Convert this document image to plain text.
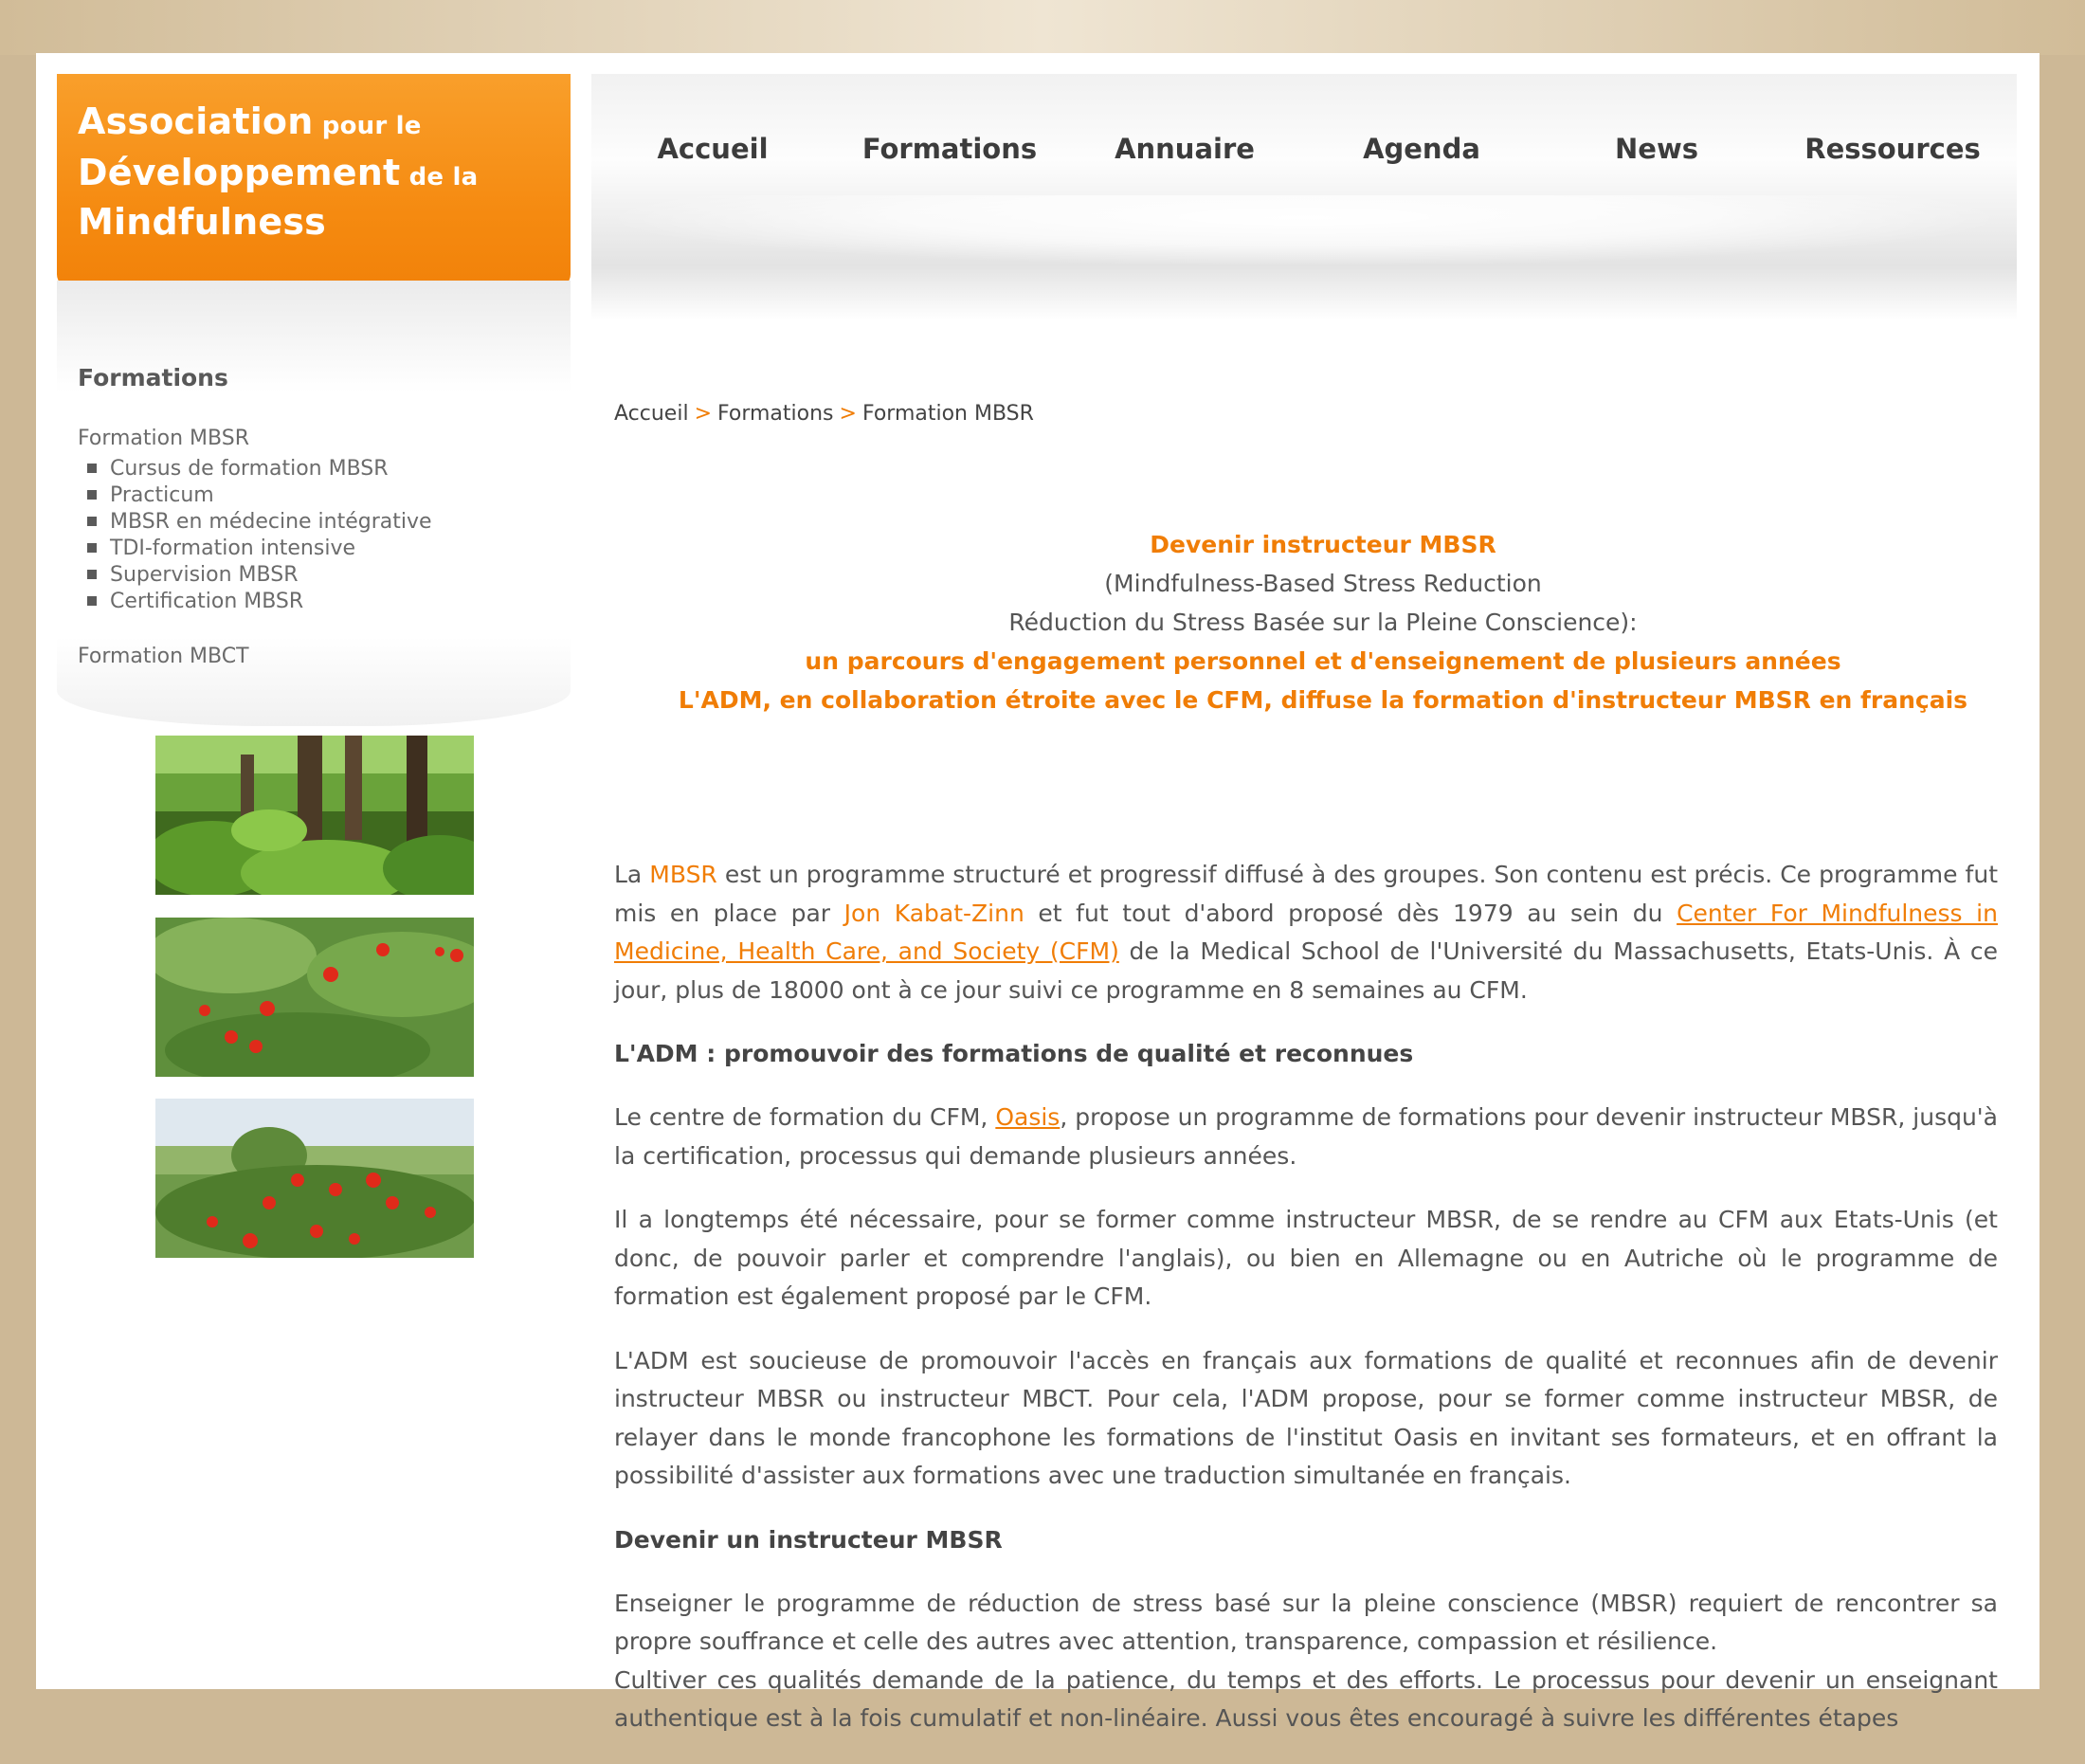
Association pour le
Développement de la
Mindfulness
Formations
Formation MBSR
Cursus de formation MBSR
Practicum
MBSR en médecine intégrative
TDI-formation intensive
Supervision MBSR
Certification MBSR
Formation MBCT
Accueil	Formations	Annuaire	Agenda	News	Ressources
Accueil > Formations > Formation MBSR
Devenir instructeur MBSR
(Mindfulness-Based Stress Reduction
Réduction du Stress Basée sur la Pleine Conscience):
un parcours d'engagement personnel et d'enseignement de plusieurs années
L'ADM, en collaboration étroite avec le CFM, diffuse la formation d'instructeur MBSR en français

La MBSR est un programme structuré et progressif diffusé à des groupes. Son contenu est précis. Ce programme fut mis en place par Jon Kabat-Zinn et fut tout d'abord proposé dès 1979 au sein du Center For Mindfulness in Medicine, Health Care, and Society (CFM) de la Medical School de l'Université du Massachusetts, Etats-Unis. À ce jour, plus de 18000 ont à ce jour suivi ce programme en 8 semaines au CFM.

L'ADM : promouvoir des formations de qualité et reconnues

Le centre de formation du CFM, Oasis, propose un programme de formations pour devenir instructeur MBSR, jusqu'à la certification, processus qui demande plusieurs années.

Il a longtemps été nécessaire, pour se former comme instructeur MBSR, de se rendre au CFM aux Etats-Unis (et donc, de pouvoir parler et comprendre l'anglais), ou bien en Allemagne ou en Autriche où le programme de formation est également proposé par le CFM.

L'ADM est soucieuse de promouvoir l'accès en français aux formations de qualité et reconnues afin de devenir instructeur MBSR ou instructeur MBCT. Pour cela, l'ADM propose, pour se former comme instructeur MBSR, de relayer dans le monde francophone les formations de l'institut Oasis en invitant ses formateurs, et en offrant la possibilité d'assister aux formations avec une traduction simultanée en français.

Devenir un instructeur MBSR

Enseigner le programme de réduction de stress basé sur la pleine conscience (MBSR) requiert de rencontrer sa propre souffrance et celle des autres avec attention, transparence, compassion et résilience.

Cultiver ces qualités demande de la patience, du temps et des efforts. Le processus pour devenir un enseignant authentique est à la fois cumulatif et non-linéaire. Aussi vous êtes encouragé à suivre les différentes étapes
